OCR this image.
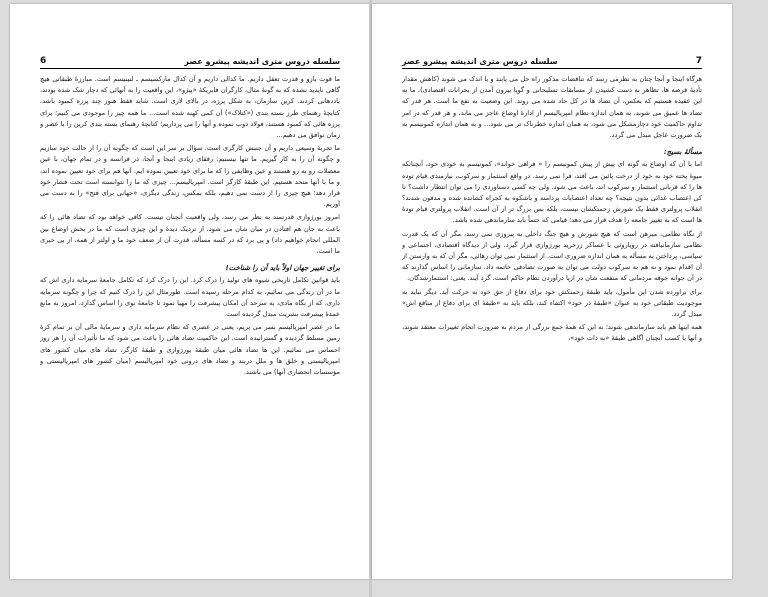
6	سلسله دروس متری اندیشه پیشرو عصر

ما قوت بازو و قدرت تعقل داریم. ما کدالی داریم و آن کدال مارکسیسم ـ لنینیسم است. مبارزۀ طبقاتی هیچ گاهی ناپدید نشده که به گونۀ مثال، کارگران فابریکۀ «پیژو»، این واقعیت را به آنهائی که دچار شک شده بودند، یاددهانی کردند. کرین سازمان، به شکل پرزه، در بالای لاری است. شاید فقط هنوز چند پرزه کمبود باشد. کتابچۀ رهنمای طرز بسته بندی («کتلاک») آن کمی کهنه شده است... ما همه چیز را موجودی می کنیم؛ برای پرزه هائی که کمبود هستند، فولاد ذوب نموده و آنها را می پرداریم؛ کتابچۀ رهنمای بسته بندی کرین را با عصر و زمان توافق می دهیم...

ما تجربۀ وسیعی داریم و آن جنبش کارگری است. سؤال بر سر این است که چگونه آن را از حالت خود سازیم و چگونه آن را به کار گیریم. ما تنها نیستیم: رفقای زیادی اینجا و آنجا، در فرانسه و در تمام جهان، با عین معضلات رو به رو هستند و عین وظایفی را که ما برای خود تعیین نموده ایم. آنها هم برای خود تعیین نموده اند، و ما با آنها متحد هستیم. این طبقۀ کارگر است. امپریالیسم... چیزی که ما را نتوانسته است تحت فشار خود قرار دهد؛ هیچ چیزی را از دست نمی دهیم، بلکه بمکس، زندگی دیگری، «جهانی برای فتح» را به دست می آوریم.

امروز بورژوازی قدرتمند به نظر می رسد، ولی واقعیت آنچنان نیست. کافی خواهد بود که تضاد هائی را که باعث به جان هم افتادن در میان شان می شود، از نزدیک دیدۀ و این چیزی است که ما در بخش اوضاع بین المللی انجام خواهیم داد) و پی برد که در کسه مسأله، قدرت آن از ضعف خود ما و اولتر از همه، از بی خبری ما است.

برای تغییر جهان اولاً باید آن را شناخت!

باید قوانین تکامل تاریخی شیوه های تولید را درک کرد. این را درک کرد که تکامل جامعۀ سرمایه داری اش که ما در آن زندگی می نمائیم، به کدام مرحله رسیده است. طورمثال این را درک کنیم که چرا و چگونه سرمایه داری، که از نگاه مادی، به سرحد آن امکان پیشرفت را مهیا نمود تا جامعۀ نوی را اساس گذارد، امروز به مانع عمدۀ پیشرفت بشریت مبدل گردیده است.

ما در عصر امپریالیسم بسر می بریم، یعنی در عصری که نظام سرمایه داری و سرمایۀ مالی آن بر تمام کرۀ زمین مسلط گردیده و گسترانیده است. این حاکمیت تضاد هائی را باعث می شود که ما تأثیرات آن را هر روز احساس می نمائیم. این ها تضاد هائی میان طبقۀ بورژوازی و طبقۀ کارگر، تضاد های میان کشور های امپریالیستی و خلق ها و ملل دربند و تضاد های درونی خود امپریالیسم (میان کشور های امپریالیستی و مؤسسات انحصاری آنها) می باشند.

سلسله دروس متری اندیشه پیشرو عصر	7

هرگاه اینجا و آنجا چنان به نظرمی رسد که تناقضات مذکور راه حل می یابند و یا اندک می شوند (کاهش مقدار تأدیۀ قرضه ها، تظاهر به دست کشیدن از مسابقات تسلیحاتی و گویا بیرون آمدن از بحرانات اقتصادی)، ما به این عقیده هستیم که بعکس، آن تضاد ها در کل حاد شده می روند. این وضعیت به نفع ما است. هر قدر که تضاد ها عمیق می شوند، به همان اندازه نظام امپریالیسم از ادارۀ اوضاع عاجز می ماند، و هر قدر که در امر تداوم حاکمیت خود دچارمشکل می شود، به همان اندازه خطرناک تر می شود... و به همان اندازه کمونیسم به یک ضرورت عاجل مبدل می گردد.

مسألۀ بسیج:

اما با آن که اوضاع به گونه ای پیش از پیش کمونیسم را « فراهی خواند»، کمونیسم به خودی خود، آنچنانکه میوۀ پخته خود به خود از درخت پائین می افتد، فرا نمی رسد. در واقع استثمار و سرکوب، نیازمندی قیام توده ها را که قربانی استثمار و سرکوب اند، باعث می شود. ولی چه کسی دستاوردی را می توان انتظار داشت؟ تا کی اعتصاب غذائی بدون نتیجه؟ چه تعداد اعتصابات پردامنه و باشکوه به کجراه کشانده شده و مدفون شدند؟ انقلاب پرولتری فقط یک شورش زحمتکشان نیست، بلکه بس بزرگ تر از آن است. انقلاب پرولتری قیام تودۀ ها است که به تغییر جامعه را هدف قرار می دهد؛ قیامی که حتماً باید سازماندهی شده باشد.

از نگاه نظامی، مبرهن است که هیچ شورش و هیچ جنگ داخلی به پیروزی نمی رسد، مگر آن که یک قدرت نظامی سازمانیافته در رویاروئی با عساکر زرخرید بورژوازی قرار گیرد. ولی از دیدگاه اقتصادی، اجتماعی و سیاسی، پرداختن به مسأله به همان اندازه ضروری است. از استثمار نمی توان رهائی، مگر آن که به وارستن از آن اقدام نمود و نه هم به سرکوب دولت می توان به صورت تصادفی خاتمه داد. سازمانی را اساس گذارند که در آن جوانه جوقه مردمانی که منفعت شان در ازپا درآوردن نظام حاکم است، گرد آیند. یعنی: استثمارشدگان.

برای براورده شدن این مأمول، باید طبقۀ زحمتکش خود برای دفاع از حق خود به حرکت آید. دیگر نباید به موجودیت طبقاتی خود به عنوان «طبقۀ در خود» اکتفاء کند، بلکه باید به «طبقۀ ای برای دفاع از منافع اش» مبدل گردد.

همه اینها هم باید سازماندهی شوند؛ نه این که همۀ جمع بزرگی از مردم به ضرورت انجام تغییرات معتقد شوند، و آنها با کسب آنچنان آگاهی طبقۀ «به ذات خود»،
